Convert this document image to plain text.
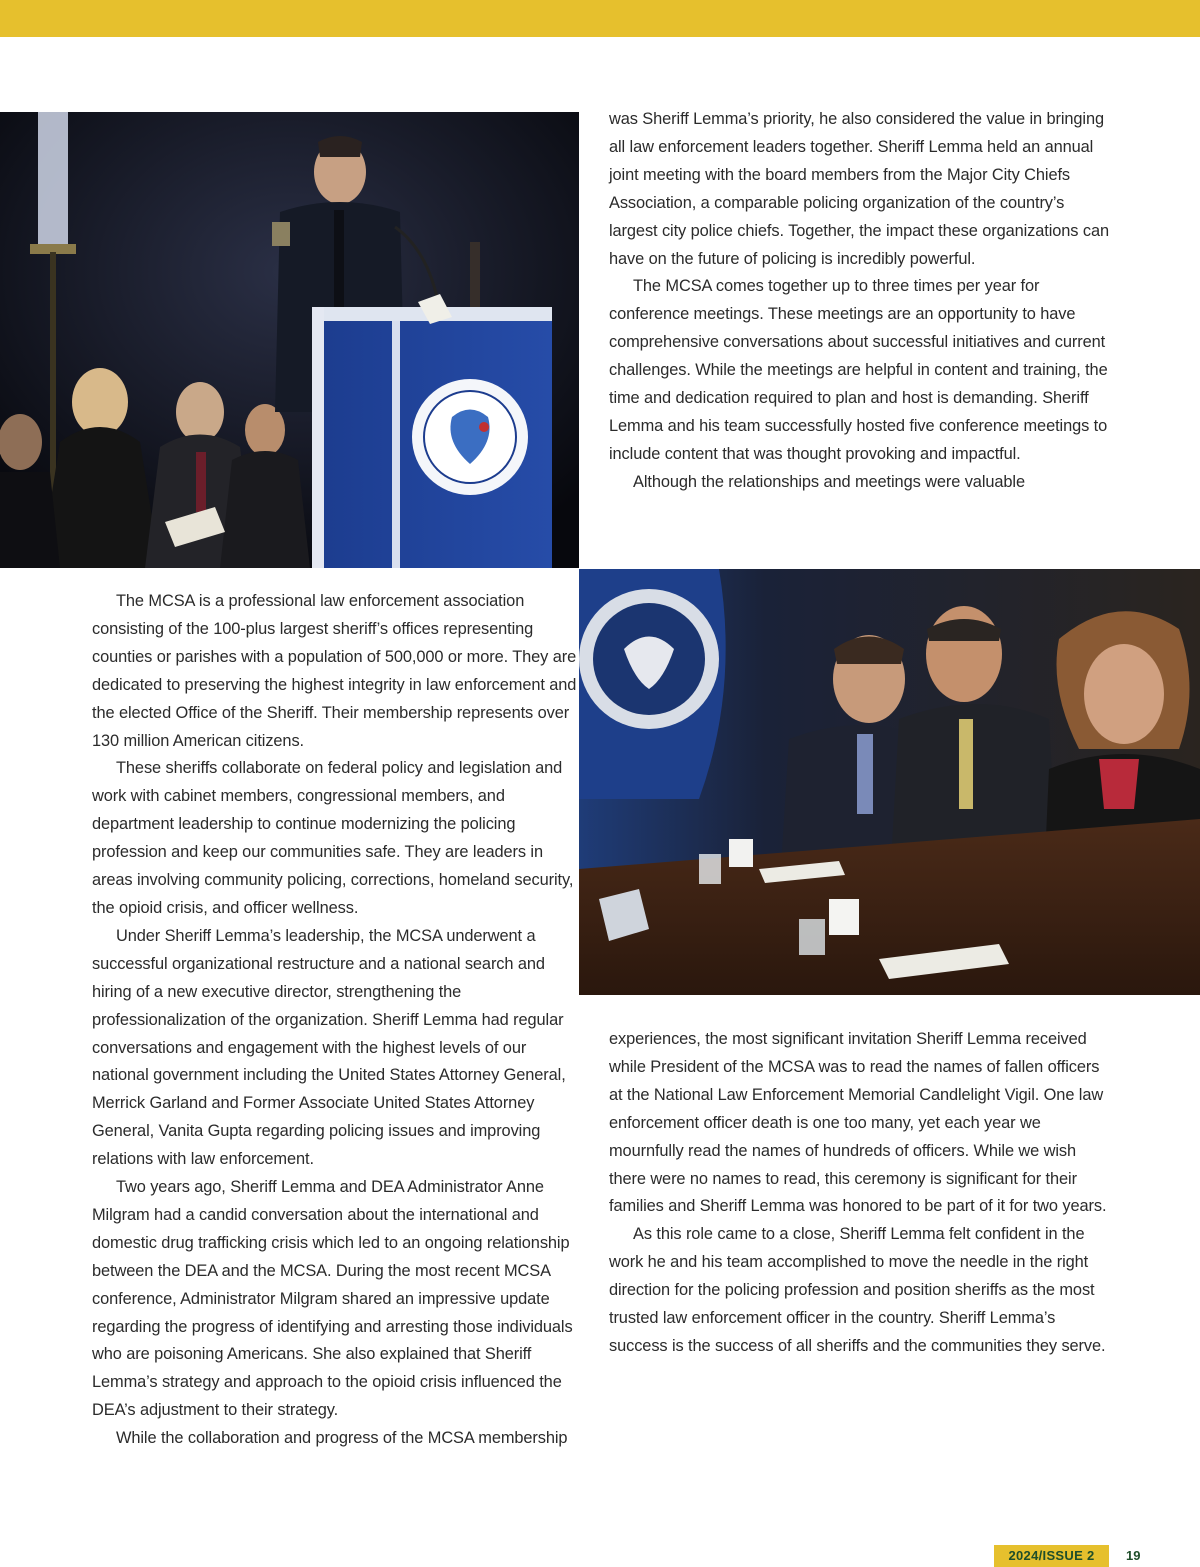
was Sheriff Lemma’s priority, he also considered the value in bringing all law enforcement leaders together. Sheriff Lemma held an annual joint meeting with the board members from the Major City Chiefs Association, a comparable policing organization of the country’s largest city police chiefs. Together, the impact these organizations can have on the future of policing is incredibly powerful.

The MCSA comes together up to three times per year for conference meetings. These meetings are an opportunity to have comprehensive conversations about successful initiatives and current challenges. While the meetings are helpful in content and training, the time and dedication required to plan and host is demanding. Sheriff Lemma and his team successfully hosted five conference meetings to include content that was thought provoking and impactful.

Although the relationships and meetings were valuable

The MCSA is a professional law enforcement association consisting of the 100-plus largest sheriff’s offices representing counties or parishes with a population of 500,000 or more. They are dedicated to preserving the highest integrity in law enforcement and the elected Office of the Sheriff. Their membership represents over 130 million American citizens.

These sheriffs collaborate on federal policy and legislation and work with cabinet members, congressional members, and department leadership to continue modernizing the policing profession and keep our communities safe. They are leaders in areas involving community policing, corrections, homeland security, the opioid crisis, and officer wellness.

Under Sheriff Lemma’s leadership, the MCSA underwent a successful organizational restructure and a national search and hiring of a new executive director, strengthening the professionalization of the organization. Sheriff Lemma had regular conversations and engagement with the highest levels of our national government including the United States Attorney General, Merrick Garland and Former Associate United States Attorney General, Vanita Gupta regarding policing issues and improving relations with law enforcement.

Two years ago, Sheriff Lemma and DEA Administrator Anne Milgram had a candid conversation about the international and domestic drug trafficking crisis which led to an ongoing relationship between the DEA and the MCSA. During the most recent MCSA conference, Administrator Milgram shared an impressive update regarding the progress of identifying and arresting those individuals who are poisoning Americans. She also explained that Sheriff Lemma’s strategy and approach to the opioid crisis influenced the DEA’s adjustment to their strategy.

While the collaboration and progress of the MCSA membership

experiences, the most significant invitation Sheriff Lemma received while President of the MCSA was to read the names of fallen officers at the National Law Enforcement Memorial Candlelight Vigil. One law enforcement officer death is one too many, yet each year we mournfully read the names of hundreds of officers. While we wish there were no names to read, this ceremony is significant for their families and Sheriff Lemma was honored to be part of it for two years.

As this role came to a close, Sheriff Lemma felt confident in the work he and his team accomplished to move the needle in the right direction for the policing profession and position sheriffs as the most trusted law enforcement officer in the country. Sheriff Lemma’s success is the success of all sheriffs and the communities they serve.

2024/ISSUE 2	19
